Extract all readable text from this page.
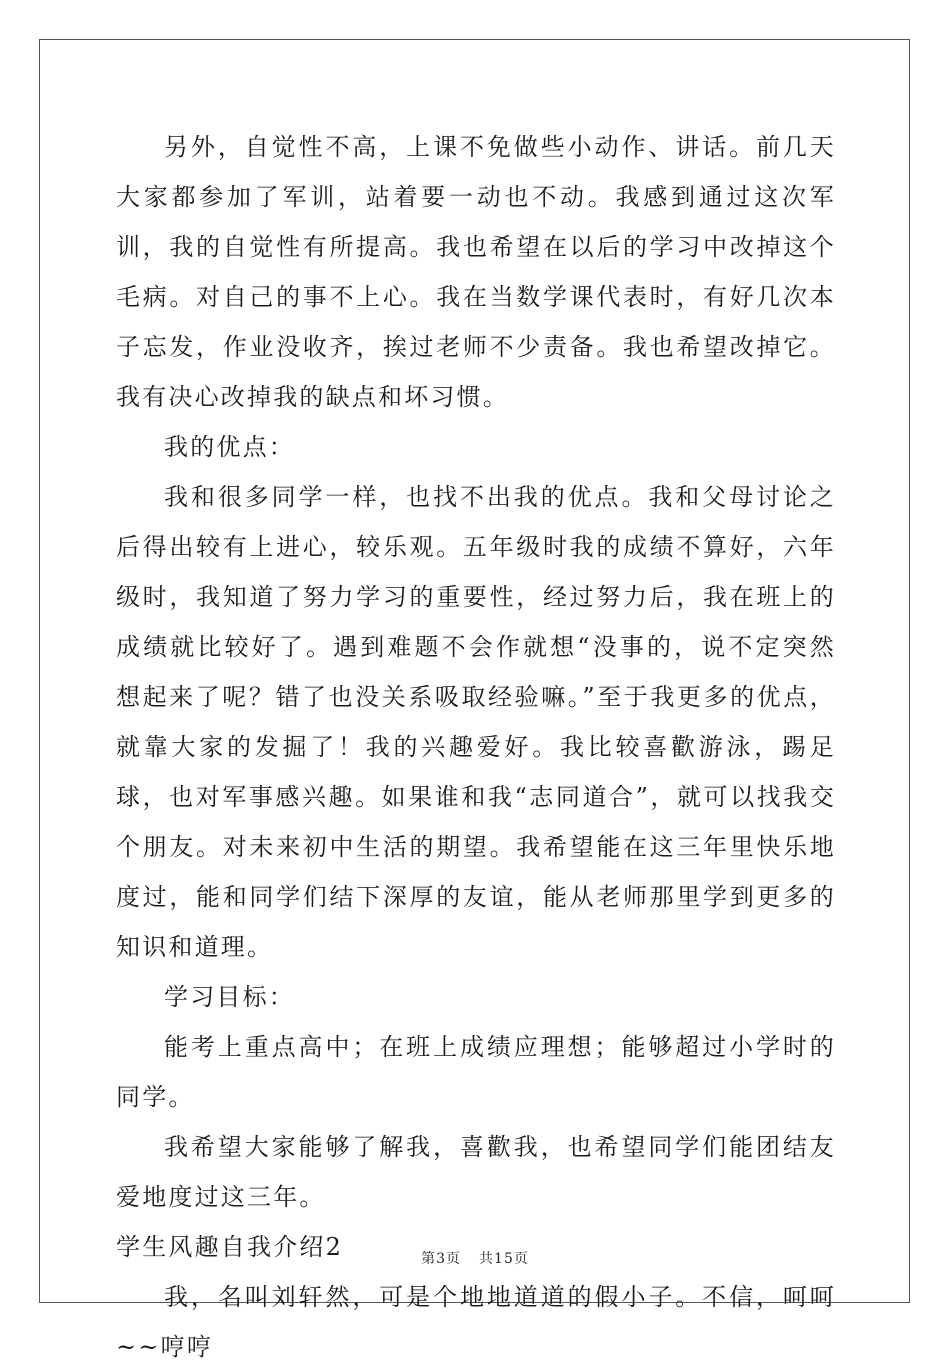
另外，自觉性不高，上课不免做些小动作、讲话。前几天大家都参加了军训，站着要一动也不动。我感到通过这次军训，我的自觉性有所提高。我也希望在以后的学习中改掉这个毛病。对自己的事不上心。我在当数学课代表时，有好几次本子忘发，作业没收齐，挨过老师不少责备。我也希望改掉它。我有决心改掉我的缺点和坏习惯。

我的优点：

我和很多同学一样，也找不出我的优点。我和父母讨论之后得出较有上进心，较乐观。五年级时我的成绩不算好，六年级时，我知道了努力学习的重要性，经过努力后，我在班上的成绩就比较好了。遇到难题不会作就想“没事的，说不定突然想起来了呢？错了也没关系吸取经验嘛。”至于我更多的优点，就靠大家的发掘了！我的兴趣爱好。我比较喜歡游泳，踢足球，也对军事感兴趣。如果谁和我“志同道合”，就可以找我交个朋友。对未来初中生活的期望。我希望能在这三年里快乐地度过，能和同学们结下深厚的友谊，能从老师那里学到更多的知识和道理。

学习目标：

能考上重点高中；在班上成绩应理想；能够超过小学时的同学。

我希望大家能够了解我，喜歡我，也希望同学们能团结友爱地度过这三年。

学生风趣自我介绍2

我，名叫刘轩然，可是个地地道道的假小子。不信，呵呵~~哼哼

第3页 共15页
